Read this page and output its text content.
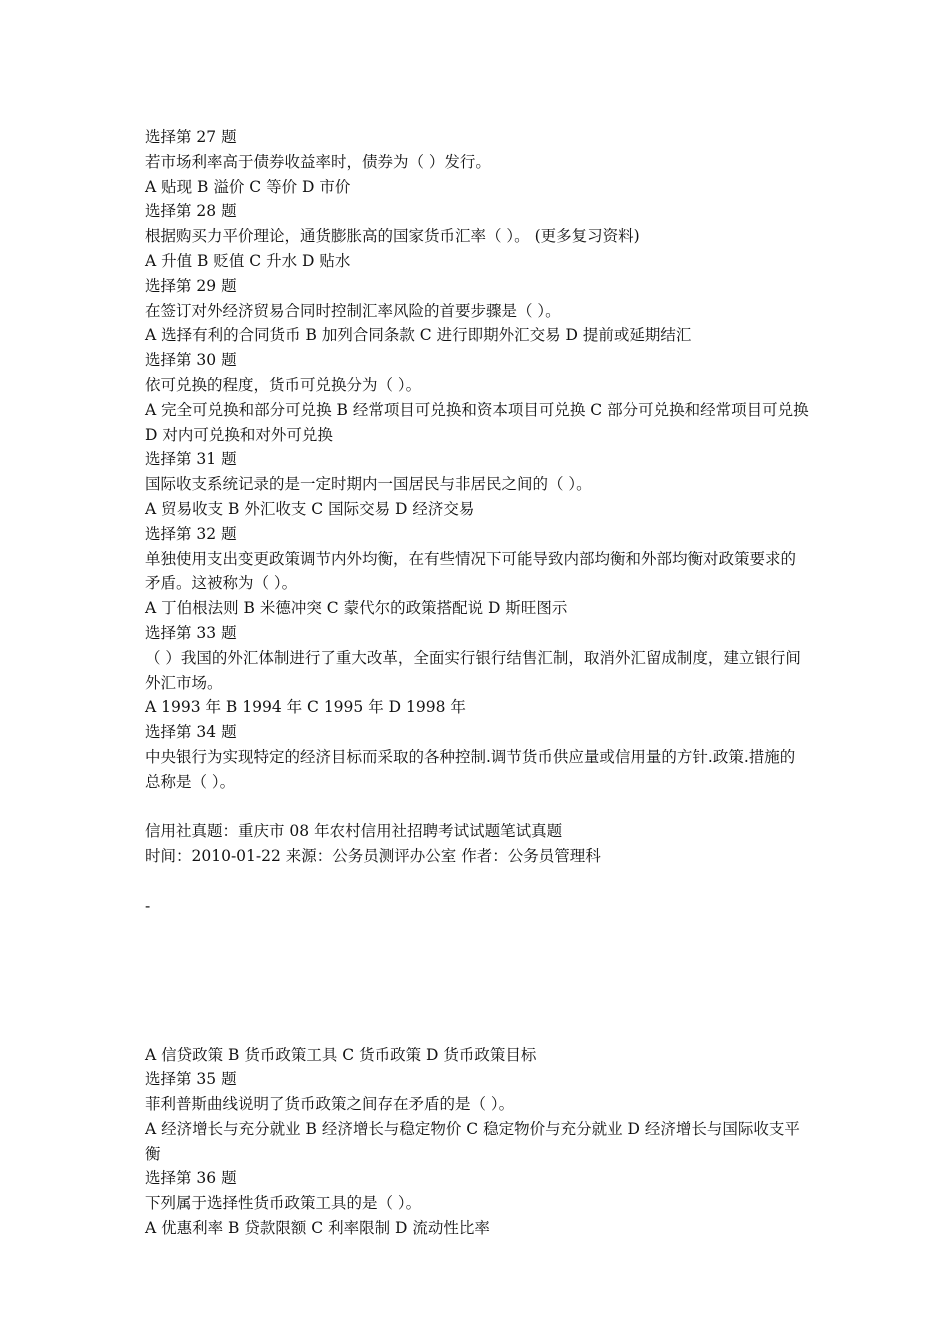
选择第 27 题

若市场利率高于债券收益率时，债券为（ ）发行。

A 贴现 B 溢价 C 等价 D 市价

选择第 28 题

根据购买力平价理论，通货膨胀高的国家货币汇率（ ）。 (更多复习资料)

A 升值 B 贬值 C 升水 D 贴水

选择第 29 题

在签订对外经济贸易合同时控制汇率风险的首要步骤是（ ）。

A 选择有利的合同货币 B 加列合同条款 C 进行即期外汇交易 D 提前或延期结汇

选择第 30 题

依可兑换的程度，货币可兑换分为（ ）。

A 完全可兑换和部分可兑换 B 经常项目可兑换和资本项目可兑换 C 部分可兑换和经常项目可兑换 D 对内可兑换和对外可兑换

选择第 31 题

国际收支系统记录的是一定时期内一国居民与非居民之间的（ ）。

A 贸易收支 B 外汇收支 C 国际交易 D 经济交易

选择第 32 题

单独使用支出变更政策调节内外均衡，在有些情况下可能导致内部均衡和外部均衡对政策要求的矛盾。这被称为（ ）。

A 丁伯根法则 B 米德冲突 C 蒙代尔的政策搭配说 D 斯旺图示

选择第 33 题

（ ）我国的外汇体制进行了重大改革，全面实行银行结售汇制，取消外汇留成制度，建立银行间外汇市场。

A 1993 年 B 1994 年 C 1995 年 D 1998 年

选择第 34 题

中央银行为实现特定的经济目标而采取的各种控制.调节货币供应量或信用量的方针.政策.措施的总称是（ ）。

信用社真题：重庆市 08 年农村信用社招聘考试试题笔试真题

时间：2010-01-22 来源：公务员测评办公室 作者：公务员管理科

-

A 信贷政策 B 货币政策工具 C 货币政策 D 货币政策目标

选择第 35 题

菲利普斯曲线说明了货币政策之间存在矛盾的是（ ）。

A 经济增长与充分就业 B 经济增长与稳定物价 C 稳定物价与充分就业 D 经济增长与国际收支平衡

选择第 36 题

下列属于选择性货币政策工具的是（ ）。

A 优惠利率 B 贷款限额 C 利率限制 D 流动性比率
